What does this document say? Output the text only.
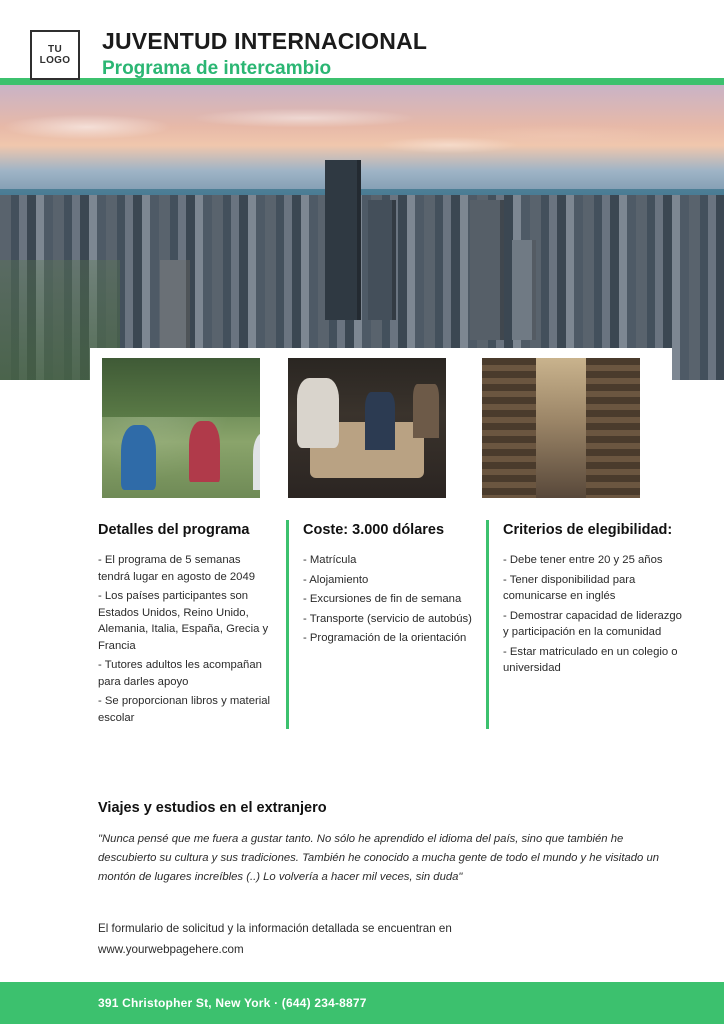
TU
LOGO
JUVENTUD INTERNACIONAL
Programa de intercambio
Detalles del programa
- El programa de 5 semanas tendrá lugar en agosto de 2049
- Los países participantes son Estados Unidos, Reino Unido, Alemania, Italia, España, Grecia y Francia
- Tutores adultos les acompañan para darles apoyo
- Se proporcionan libros y material escolar
Coste: 3.000 dólares
- Matrícula
- Alojamiento
- Excursiones de fin de semana
- Transporte (servicio de autobús)
- Programación de la orientación
Criterios de elegibilidad:
- Debe tener entre 20 y 25 años
- Tener disponibilidad para comunicarse en inglés
- Demostrar capacidad de liderazgo y participación en la comunidad
- Estar matriculado en un colegio o universidad
Viajes y estudios en el extranjero

"Nunca pensé que me fuera a gustar tanto. No sólo he aprendido el idioma del país, sino que también he descubierto su cultura y sus tradiciones. También he conocido a mucha gente de todo el mundo y he visitado un montón de lugares increíbles (..) Lo volvería a hacer mil veces, sin duda"

El formulario de solicitud y la información detallada se encuentran en
www.yourwebpagehere.com
391 Christopher St, New York · (644) 234-8877
